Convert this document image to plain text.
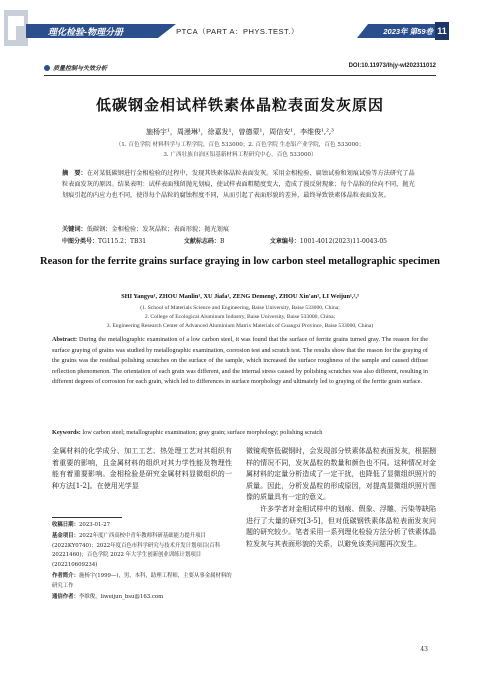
理化检验-物理分册	PTCA（PART A：PHYS.TEST.）	2023年 第59卷 11
质量控制与失效分析	DOI:10.11973/lhjy-wl202311012
低碳钢金相试样铁素体晶粒表面发灰原因
施杨宇¹，周漫琳¹，徐嘉发¹，曾德蒙¹，周信安¹，李维俊¹,²,³
（1. 百色学院 材料科学与工程学院，百色 533000；2. 百色学院 生态铝产业学院，百色 533000；
3. 广西壮族自治区铝基新材料工程研究中心，百色 533000）
摘　要：在对某低碳钢进行金相检验的过程中，发现其铁素体晶粒表面发灰。采用金相检验、扁蚀试验和划痕试验等方法研究了晶粒表面发灰的原因。结果表明：试样表面残留抛光划痕，使试样表面粗糙度变大，造成了漫反射现象；每个晶粒的位向不同，抛光划痕引起的内应力也不同，使得每个晶粒的腐蚀程度不同，从而引起了表面形貌的差异，最终导致铁素体晶粒表面发灰。
关键词：低碳钢；金相检验；发灰晶粒；表面形貌；抛光划痕
中图分类号：TG115.2；TB31	文献标志码：B	文章编号：1001-4012(2023)11-0043-05
Reason for the ferrite grains surface graying in low carbon steel metallographic specimen
SHI Yangyu¹, ZHOU Manlin¹, XU Jiafa¹, ZENG Demeng¹, ZHOU Xin'an¹, LI Weijun¹,²,³
(1. School of Materials Science and Engineering, Baise University, Baise 533000, China;
2. College of Ecological Aluminum Industry, Baise University, Baise 533000, China;
3. Engineering Research Center of Advanced Aluminium Matrix Materials of Guangxi Province, Baise 533000, China)
Abstract: During the metallographic examination of a low carbon steel, it was found that the surface of ferrite grains turned gray. The reason for the surface graying of grains was studied by metallographic examination, corrosion test and scratch test. The results show that the reason for the graying of the grains was the residual polishing scratches on the surface of the sample, which increased the surface roughness of the sample and caused diffuse reflection phenomenon. The orientation of each grain was different, and the internal stress caused by polishing scratches was also different, resulting in different degrees of corrosion for each grain, which led to differences in surface morphology and ultimately led to graying of the ferrite grain surface.
Keywords: low carbon steel; metallographic examination; gray grain; surface morphology; polishing scratch
金属材料的化学成分、加工工艺、热处理工艺对其组织有着重要的影响，且金属材料的组织对其力学性能及物理性能有着重要影响。金相检验是研究金属材料显微组织的一种方法[1-2]。在使用光学显
微镜观察低碳钢时，会发现部分铁素体晶粒表面发灰，根据捌样的情况不同，发灰晶粒的数量和颜色也不同。这种情况对金属材料的定量分析造成了一定干扰，也降低了显微组织照片的质量。因此，分析发晶粒的形成原因，对提高显微组织照片图像的质量具有一定的意义。
许多学者对金相试样中的划痕、假象、浮雕、污染等缺陷进行了大量的研究[3-5]，但对低碳钢铁素体晶粒表面发灰问题的研究较少。笔者采用一系列理化检验方法分析了铁素体晶粒发灰与其表面形貌的关系，以避免该类问题再次发生。
收稿日期：2023-01-27
基金项目：2022年度广西高校中青年教师科研基础能力提升项目(2022KY0740)；2022年度百色市科学研究与技术开发计划项目(百科 20221460)；百色学院 2022 年大学生创新创业训练计划项目(202210609234)
作者简介：施杨宇(1999—)，男，本科，助理工程师，主要从事金属材料的研究工作
通信作者：李维俊，liweijun_bsu@163.com
43
